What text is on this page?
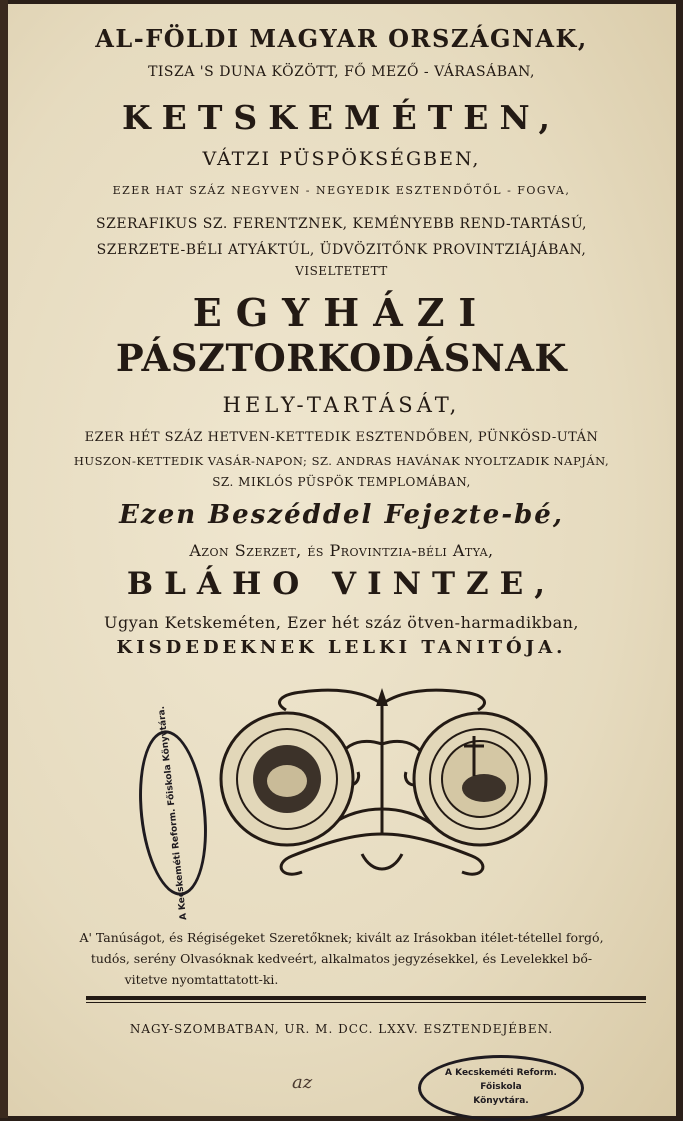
AL-FÖLDI MAGYAR ORSZÁGNAK,
TISZA 'S DUNA KÖZÖTT, FŐ MEZŐ - VÁRASÁBAN,
KETSKEMÉTEN,
VÁTZI PÜSPÖKSÉGBEN,
EZER HAT SZÁZ NEGYVEN - NEGYEDIK ESZTENDŐTŐL - FOGVA,
SZERAFIKUS SZ. FERENTZNEK, KEMÉNYEBB REND-TARTÁSÚ,
SZERZETE-BÉLI ATYÁKTÚL, ÜDVÖZITŐNK PROVINTZIÁJÁBAN,
VISELTETETT
EGYHÁZI
PÁSZTORKODÁSNAK
HELY-TARTÁSÁT,
EZER HÉT SZÁZ HETVEN-KETTEDIK ESZTENDŐBEN, PÜNKÖSD-UTÁN
HUSZON-KETTEDIK VASÁR-NAPON; SZ. ANDRAS HAVÁNAK NYOLTZADIK NAPJÁN,
SZ. MIKLÓS PÜSPÖK TEMPLOMÁBAN,
Ezen Beszéddel Fejezte-bé,
Azon Szerzet, és Provintzia-béli Atya,
BLÁHO VINTZE,
Ugyan Ketskeméten, Ezer hét száz ötven-harmadikban,
KISDEDEKNEK LELKI TANITÓJA.
A Kecskeméti Reform. Főiskola Könyvtára.
A' Tanúságot, és Régiségeket Szeretőknek; kivált az Irásokban itélet-tétellel forgó,
tudós, serény Olvasóknak kedveért, alkalmatos jegyzésekkel, és Levelekkel bő-
vitetve nyomtattatott-ki.
NAGY-SZOMBATBAN, UR. M. DCC. LXXV. ESZTENDEJÉBEN.
az	A Kecskeméti Reform.
Főiskola
Könyvtára.
